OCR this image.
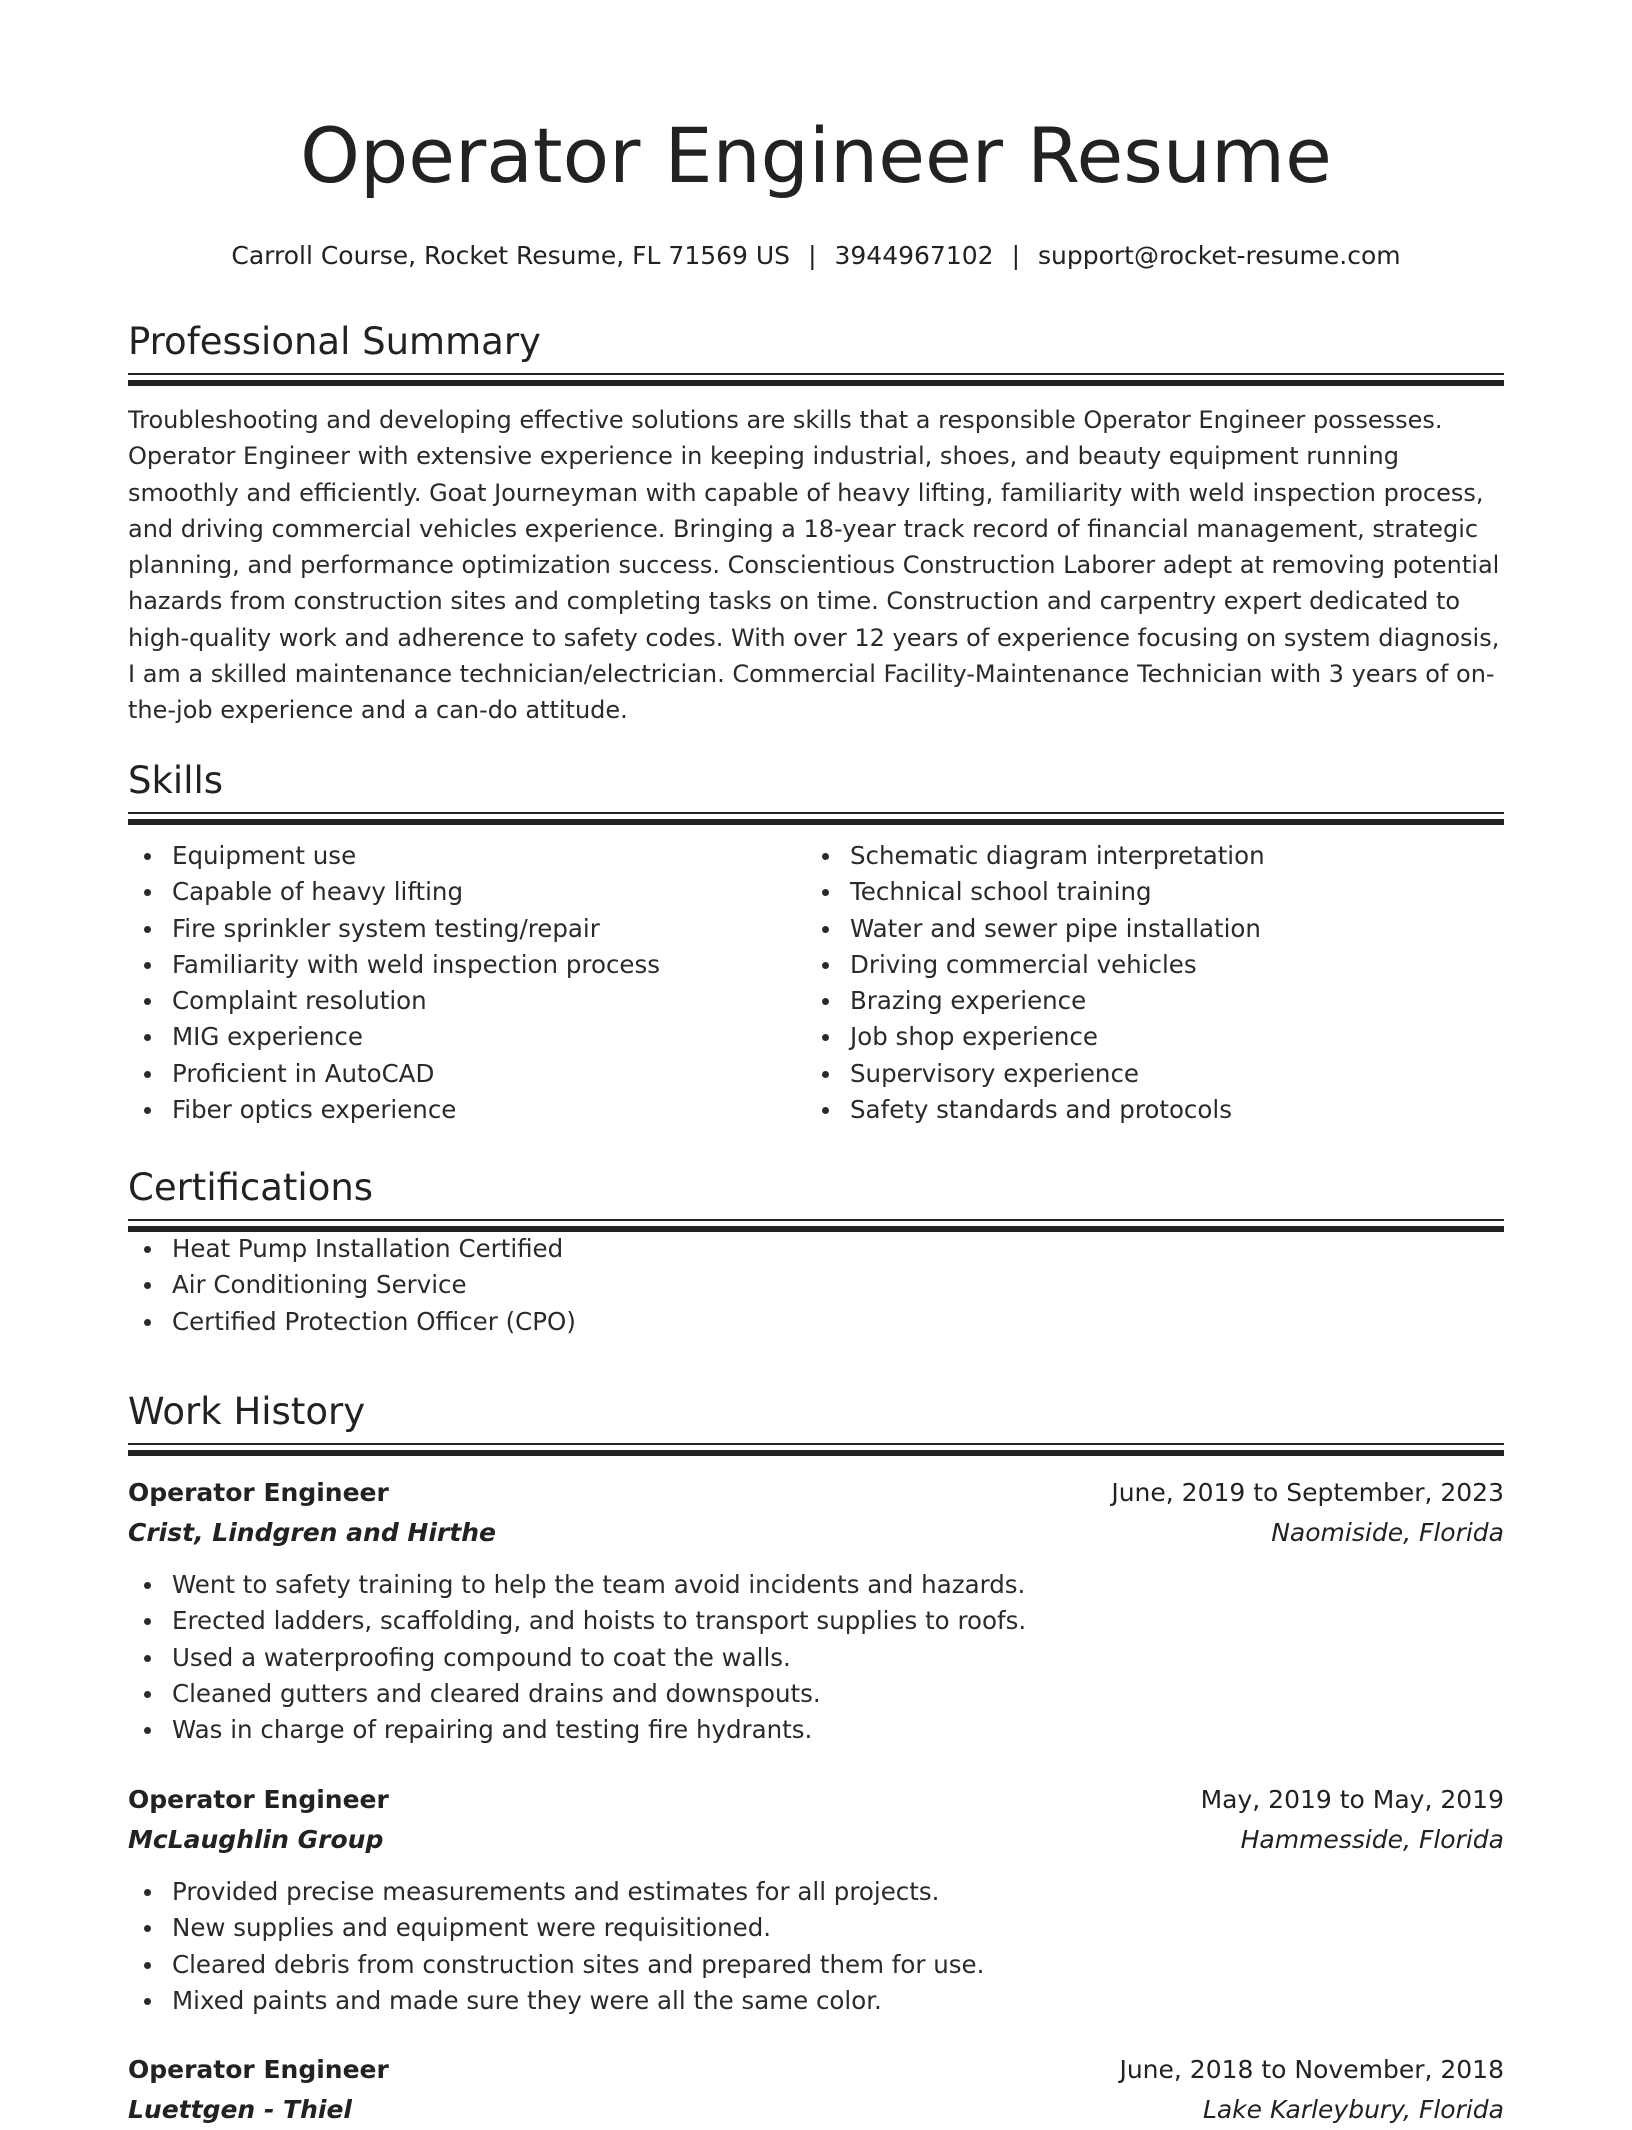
Operator Engineer Resume
Carroll Course, Rocket Resume, FL 71569 US | 3944967102 | support@rocket-resume.com
Professional Summary

Troubleshooting and developing effective solutions are skills that a responsible Operator Engineer possesses. Operator Engineer with extensive experience in keeping industrial, shoes, and beauty equipment running smoothly and efficiently. Goat Journeyman with capable of heavy lifting, familiarity with weld inspection process, and driving commercial vehicles experience. Bringing a 18-year track record of financial management, strategic planning, and performance optimization success. Conscientious Construction Laborer adept at removing potential hazards from construction sites and completing tasks on time. Construction and carpentry expert dedicated to high-quality work and adherence to safety codes. With over 12 years of experience focusing on system diagnosis, I am a skilled maintenance technician/electrician. Commercial Facility-Maintenance Technician with 3 years of on-the-job experience and a can-do attitude.

Skills
Equipment use
Capable of heavy lifting
Fire sprinkler system testing/repair
Familiarity with weld inspection process
Complaint resolution
MIG experience
Proficient in AutoCAD
Fiber optics experience
Schematic diagram interpretation
Technical school training
Water and sewer pipe installation
Driving commercial vehicles
Brazing experience
Job shop experience
Supervisory experience
Safety standards and protocols
Certifications
Heat Pump Installation Certified
Air Conditioning Service
Certified Protection Officer (CPO)
Work History
Operator Engineer	June, 2019 to September, 2023
Crist, Lindgren and Hirthe	Naomiside, Florida
Went to safety training to help the team avoid incidents and hazards.
Erected ladders, scaffolding, and hoists to transport supplies to roofs.
Used a waterproofing compound to coat the walls.
Cleaned gutters and cleared drains and downspouts.
Was in charge of repairing and testing fire hydrants.
Operator Engineer	May, 2019 to May, 2019
McLaughlin Group	Hammesside, Florida
Provided precise measurements and estimates for all projects.
New supplies and equipment were requisitioned.
Cleared debris from construction sites and prepared them for use.
Mixed paints and made sure they were all the same color.
Operator Engineer	June, 2018 to November, 2018
Luettgen - Thiel	Lake Karleybury, Florida
